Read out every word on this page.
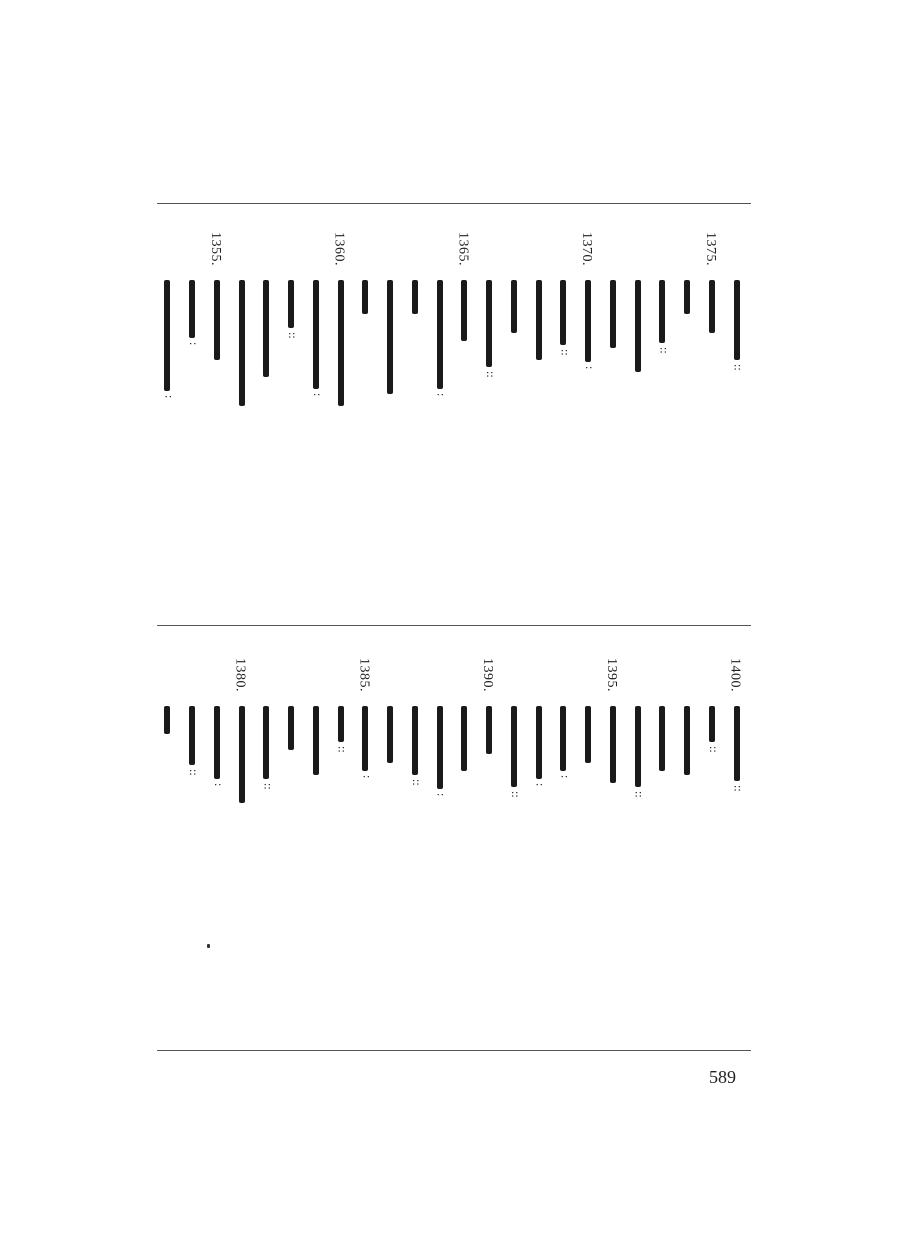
::
1375.
::
1370.
:
::
::
1365.
:
1360.
:
::
1355.
:
:
1400.
::
::
::
1395.
:
:
::
1390.
:
::
1385.
:
::
::
1380.
:
::
589
